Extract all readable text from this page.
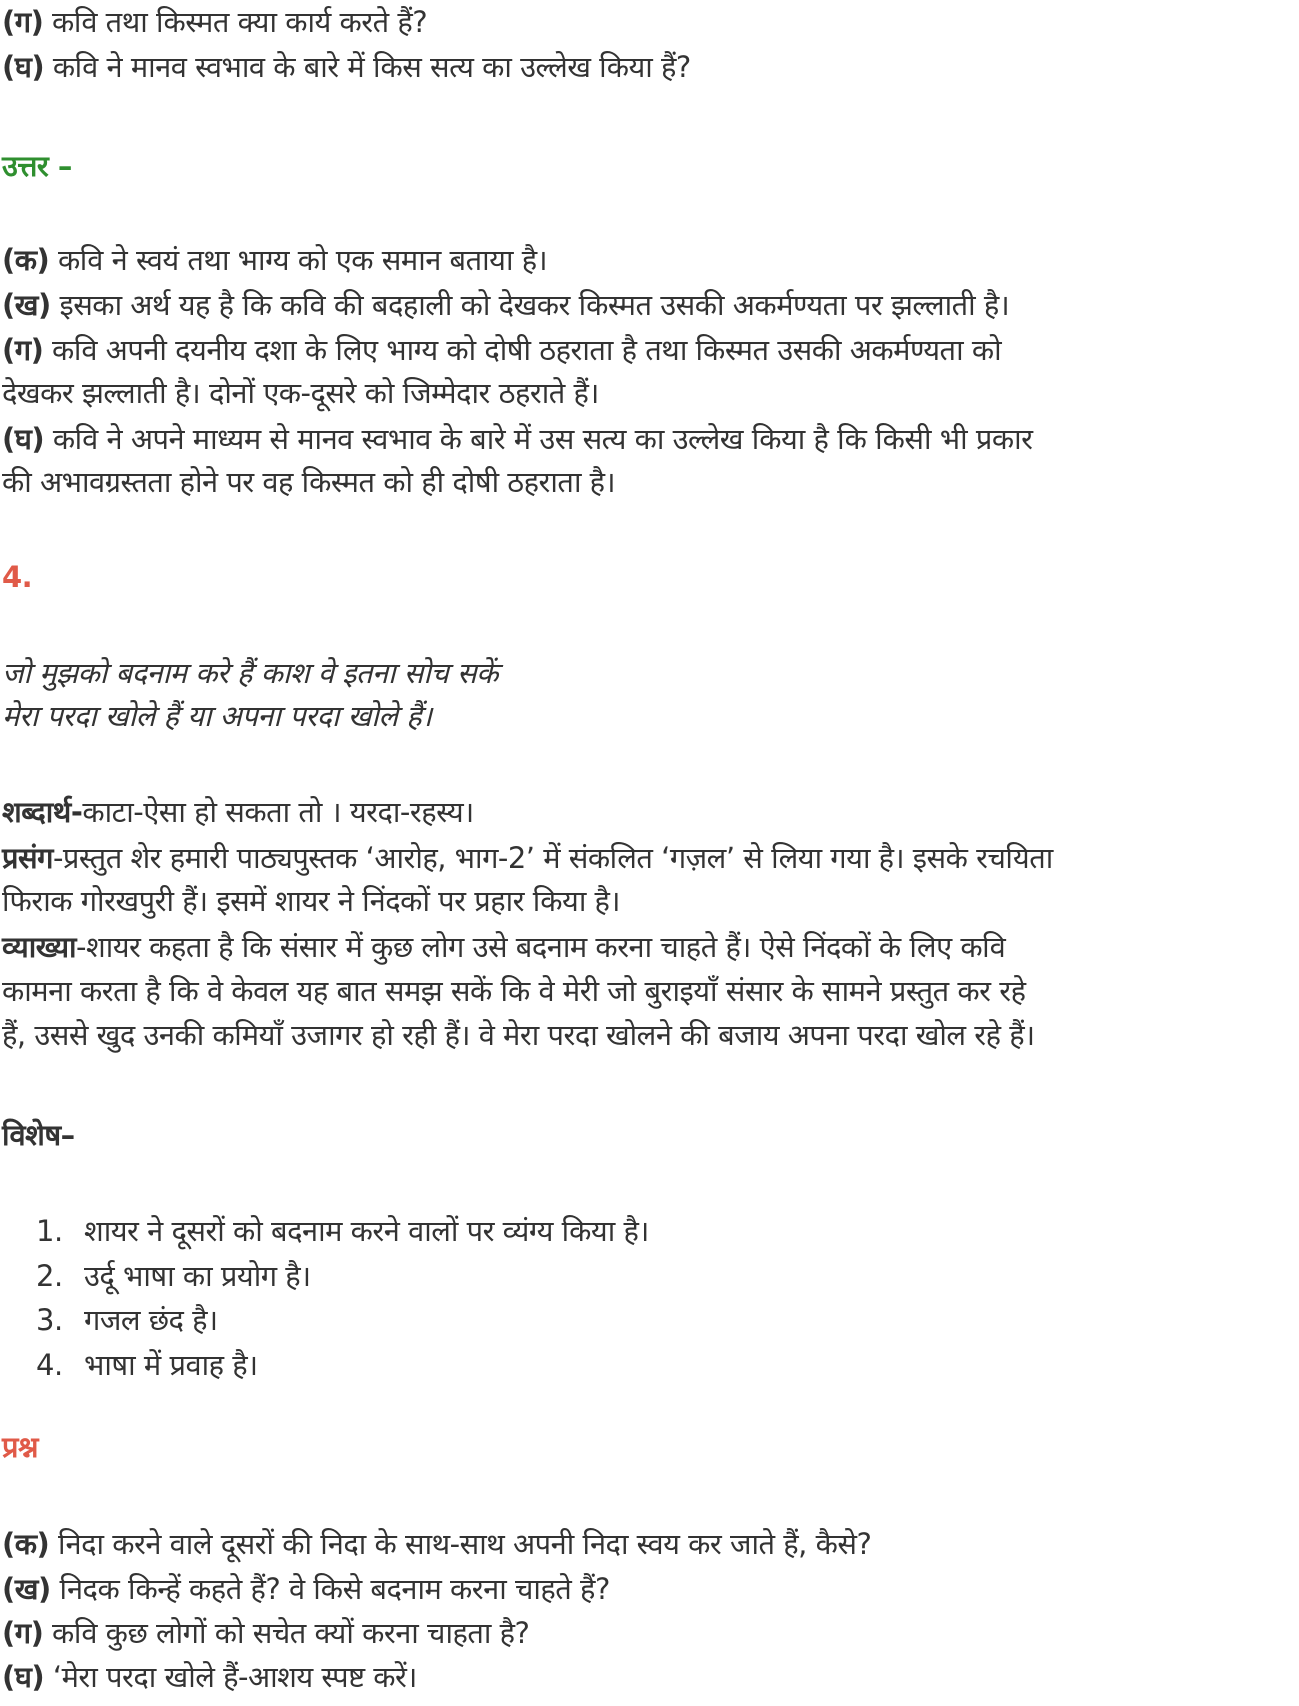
(ग) कवि तथा किस्मत क्या कार्य करते हैं?
(घ) कवि ने मानव स्वभाव के बारे में किस सत्य का उल्लेख किया हैं?
उत्तर –
(क) कवि ने स्वयं तथा भाग्य को एक समान बताया है।
(ख) इसका अर्थ यह है कि कवि की बदहाली को देखकर किस्मत उसकी अकर्मण्यता पर झल्लाती है।
(ग) कवि अपनी दयनीय दशा के लिए भाग्य को दोषी ठहराता है तथा किस्मत उसकी अकर्मण्यता को
देखकर झल्लाती है। दोनों एक-दूसरे को जिम्मेदार ठहराते हैं।
(घ) कवि ने अपने माध्यम से मानव स्वभाव के बारे में उस सत्य का उल्लेख किया है कि किसी भी प्रकार
की अभावग्रस्तता होने पर वह किस्मत को ही दोषी ठहराता है।
4.
जो मुझको बदनाम करे हैं काश वे इतना सोच सकें
मेरा परदा खोले हैं या अपना परदा खोले हैं।
शब्दार्थ-काटा-ऐसा हो सकता तो । यरदा-रहस्य।
प्रसंग-प्रस्तुत शेर हमारी पाठ्यपुस्तक ‘आरोह, भाग-2’ में संकलित ‘गज़ल’ से लिया गया है। इसके रचयिता
फिराक गोरखपुरी हैं। इसमें शायर ने निंदकों पर प्रहार किया है।
व्याख्या-शायर कहता है कि संसार में कुछ लोग उसे बदनाम करना चाहते हैं। ऐसे निंदकों के लिए कवि
कामना करता है कि वे केवल यह बात समझ सकें कि वे मेरी जो बुराइयाँ संसार के सामने प्रस्तुत कर रहे
हैं, उससे खुद उनकी कमियाँ उजागर हो रही हैं। वे मेरा परदा खोलने की बजाय अपना परदा खोल रहे हैं।
विशेष–
1. शायर ने दूसरों को बदनाम करने वालों पर व्यंग्य किया है।
2. उर्दू भाषा का प्रयोग है।
3. गजल छंद है।
4. भाषा में प्रवाह है।
प्रश्न
(क) निदा करने वाले दूसरों की निदा के साथ-साथ अपनी निदा स्वय कर जाते हैं, कैसे?
(ख) निदक किन्हें कहते हैं? वे किसे बदनाम करना चाहते हैं?
(ग) कवि कुछ लोगों को सचेत क्यों करना चाहता है?
(घ) ‘मेरा परदा खोले हैं-आशय स्पष्ट करें।
